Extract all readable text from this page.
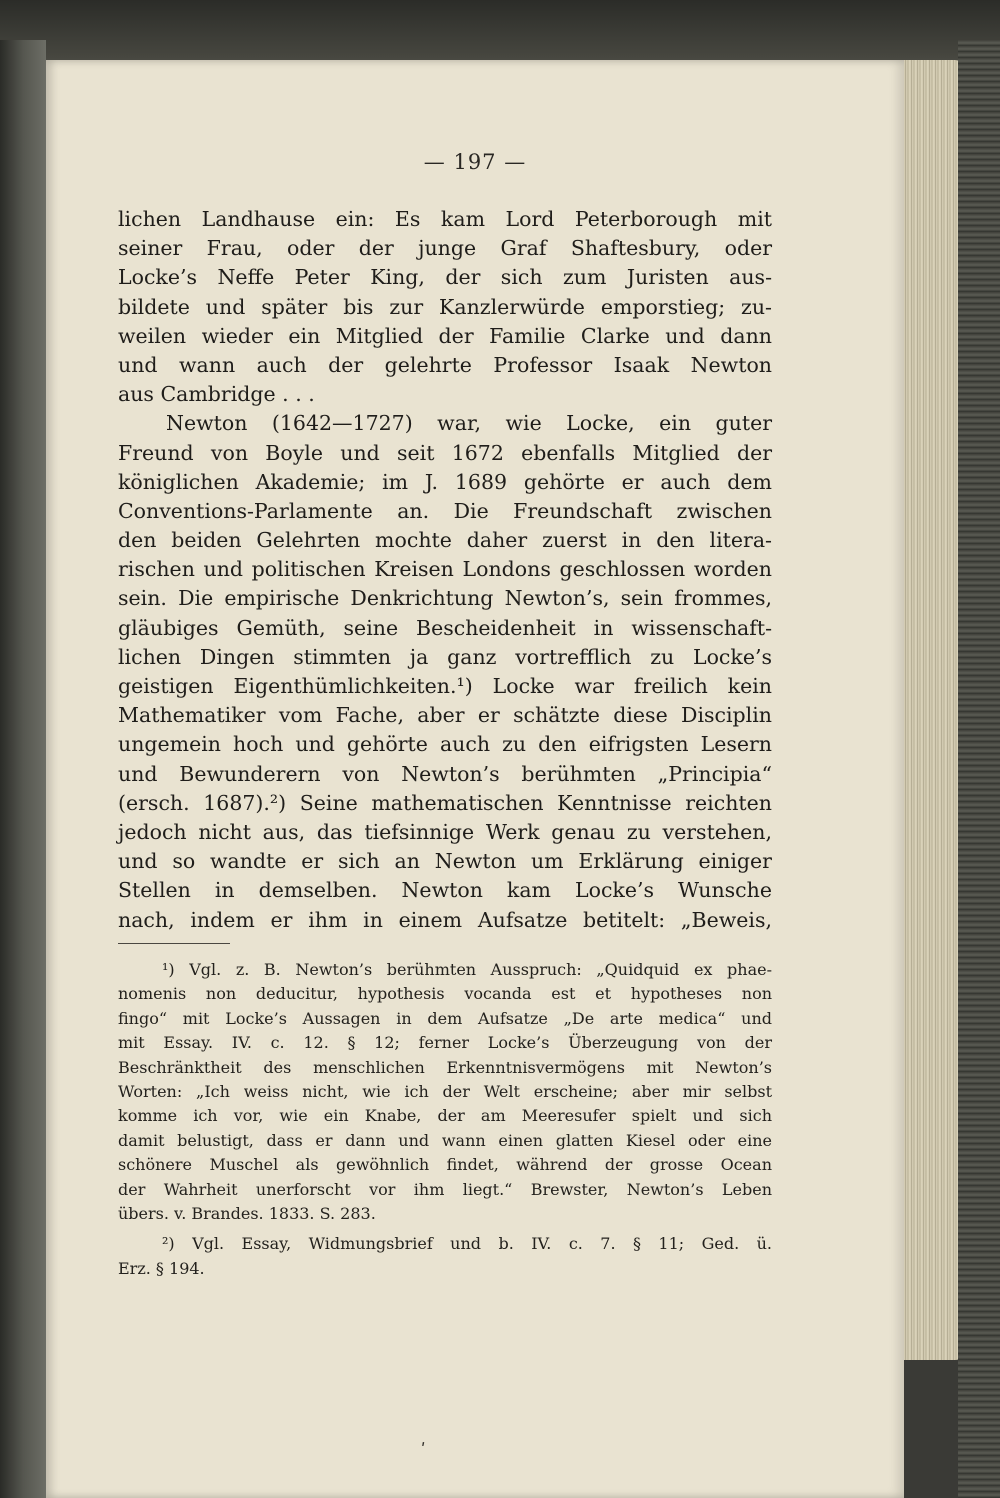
— 197 —
lichen Landhause ein: Es kam Lord Peterborough mit
seiner Frau, oder der junge Graf Shaftesbury, oder
Locke’s Neffe Peter King, der sich zum Juristen aus-
bildete und später bis zur Kanzlerwürde emporstieg; zu-
weilen wieder ein Mitglied der Familie Clarke und dann
und wann auch der gelehrte Professor Isaak Newton
aus Cambridge . . .
Newton (1642—1727) war, wie Locke, ein guter
Freund von Boyle und seit 1672 ebenfalls Mitglied der
königlichen Akademie; im J. 1689 gehörte er auch dem
Conventions-Parlamente an. Die Freundschaft zwischen
den beiden Gelehrten mochte daher zuerst in den litera-
rischen und politischen Kreisen Londons geschlossen worden
sein. Die empirische Denkrichtung Newton’s, sein frommes,
gläubiges Gemüth, seine Bescheidenheit in wissenschaft-
lichen Dingen stimmten ja ganz vortrefflich zu Locke’s
geistigen Eigenthümlichkeiten.¹) Locke war freilich kein
Mathematiker vom Fache, aber er schätzte diese Disciplin
ungemein hoch und gehörte auch zu den eifrigsten Lesern
und Bewunderern von Newton’s berühmten „Principia“
(ersch. 1687).²) Seine mathematischen Kenntnisse reichten
jedoch nicht aus, das tiefsinnige Werk genau zu verstehen,
und so wandte er sich an Newton um Erklärung einiger
Stellen in demselben. Newton kam Locke’s Wunsche
nach, indem er ihm in einem Aufsatze betitelt: „Beweis,
¹) Vgl. z. B. Newton’s berühmten Ausspruch: „Quidquid ex phae-
nomenis non deducitur, hypothesis vocanda est et hypotheses non
fingo“ mit Locke’s Aussagen in dem Aufsatze „De arte medica“ und
mit Essay. IV. c. 12. § 12; ferner Locke’s Überzeugung von der
Beschränktheit des menschlichen Erkenntnisvermögens mit Newton’s
Worten: „Ich weiss nicht, wie ich der Welt erscheine; aber mir selbst
komme ich vor, wie ein Knabe, der am Meeresufer spielt und sich
damit belustigt, dass er dann und wann einen glatten Kiesel oder eine
schönere Muschel als gewöhnlich findet, während der grosse Ocean
der Wahrheit unerforscht vor ihm liegt.“ Brewster, Newton’s Leben
übers. v. Brandes. 1833. S. 283.
²) Vgl. Essay, Widmungsbrief und b. IV. c. 7. § 11; Ged. ü.
Erz. § 194.
ʹ
